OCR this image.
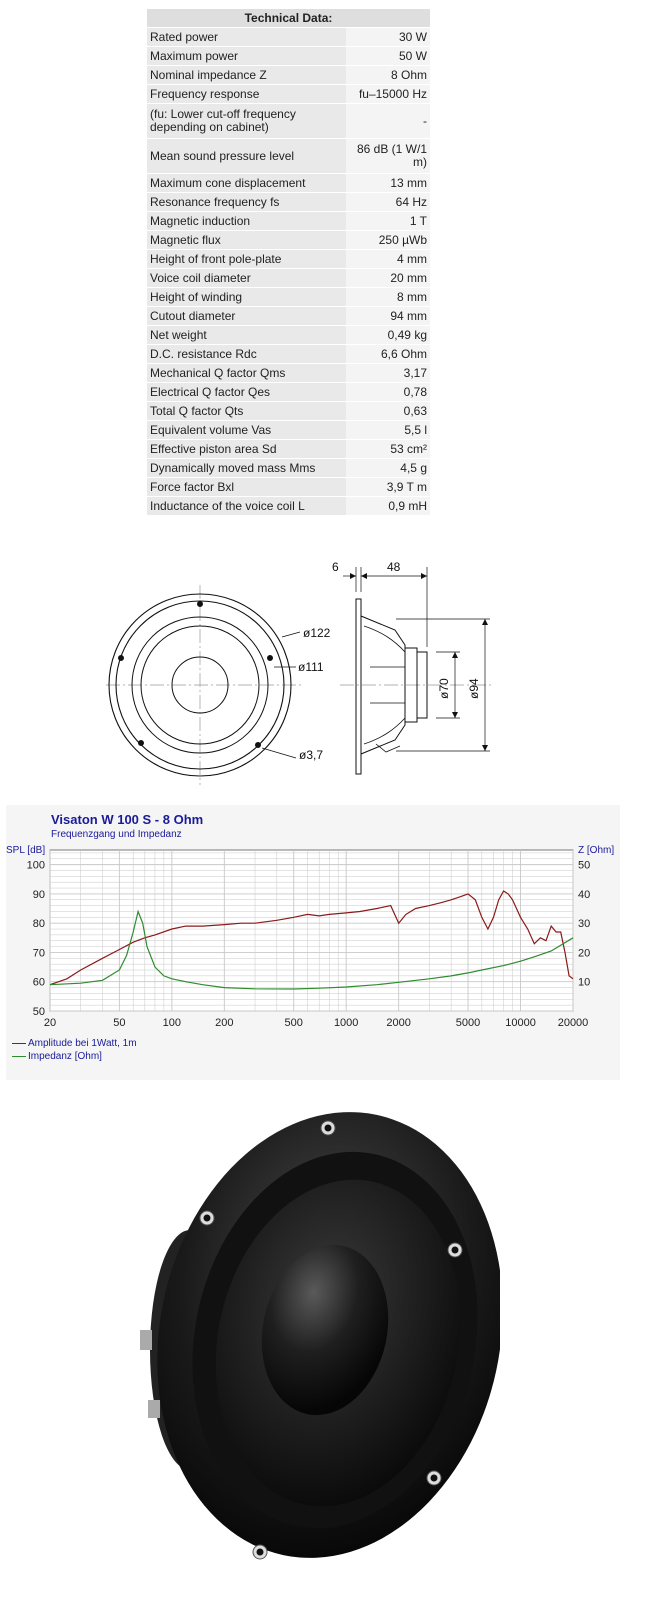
Technical Data:	
Rated power	30 W
Maximum power	50 W
Nominal impedance Z	8 Ohm
Frequency response	fu–15000 Hz
(fu: Lower cut-off frequency depending on cabinet)	-
Mean sound pressure level	86 dB (1 W/1 m)
Maximum cone displacement	13 mm
Resonance frequency fs	64 Hz
Magnetic induction	1 T
Magnetic flux	250 µWb
Height of front pole-plate	4 mm
Voice coil diameter	20 mm
Height of winding	8 mm
Cutout diameter	94 mm
Net weight	0,49 kg
D.C. resistance Rdc	6,6 Ohm
Mechanical Q factor Qms	3,17
Electrical Q factor Qes	0,78
Total Q factor Qts	0,63
Equivalent volume Vas	5,5 l
Effective piston area Sd	53 cm²
Dynamically moved mass Mms	4,5 g
Force factor Bxl	3,9 T m
Inductance of the voice coil L	0,9 mH
ø122
ø111
ø3,7
6	48
ø70 ø94
Visaton W 100 S - 8 Ohm
Frequenzgang und Impedanz
SPL [dB]	Z [Ohm]
20	50	100	200	500	1000	2000	5000 10000 20000
50
60
70
80
90
100
10
20
30
40
50
Amplitude bei 1Watt, 1m
Impedanz [Ohm]
